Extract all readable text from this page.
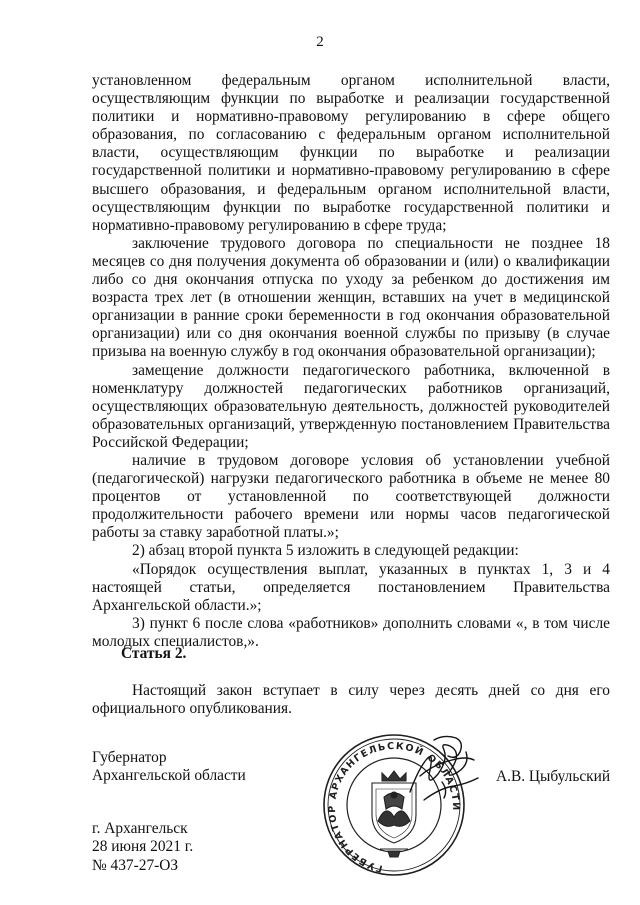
2

установленном федеральным органом исполнительной власти, осуществляющим функции по выработке и реализации государственной политики и нормативно-правовому регулированию в сфере общего образования, по согласованию с федеральным органом исполнительной власти, осуществляющим функции по выработке и реализации государственной политики и нормативно-правовому регулированию в сфере высшего образования, и федеральным органом исполнительной власти, осуществляющим функции по выработке государственной политики и нормативно-правовому регулированию в сфере труда;

заключение трудового договора по специальности не позднее 18 месяцев со дня получения документа об образовании и (или) о квалификации либо со дня окончания отпуска по уходу за ребенком до достижения им возраста трех лет (в отношении женщин, вставших на учет в медицинской организации в ранние сроки беременности в год окончания образовательной организации) или со дня окончания военной службы по призыву (в случае призыва на военную службу в год окончания образовательной организации);

замещение должности педагогического работника, включенной в номенклатуру должностей педагогических работников организаций, осуществляющих образовательную деятельность, должностей руководителей образовательных организаций, утвержденную постановлением Правительства Российской Федерации;

наличие в трудовом договоре условия об установлении учебной (педагогической) нагрузки педагогического работника в объеме не менее 80 процентов от установленной по соответствующей должности продолжительности рабочего времени или нормы часов педагогической работы за ставку заработной платы.»;

2) абзац второй пункта 5 изложить в следующей редакции:

«Порядок осуществления выплат, указанных в пунктах 1, 3 и 4 настоящей статьи, определяется постановлением Правительства Архангельской области.»;

3) пункт 6 после слова «работников» дополнить словами «, в том числе молодых специалистов,».

Статья 2.

Настоящий закон вступает в силу через десять дней со дня его официального опубликования.

Губернатор
Архангельской области	А.В. Цыбульский
ГУБЕРНАТОР АРХАНГЕЛЬСКОЙ ОБЛАСТИ
г. Архангельск
28 июня 2021 г.
№ 437-27-ОЗ
